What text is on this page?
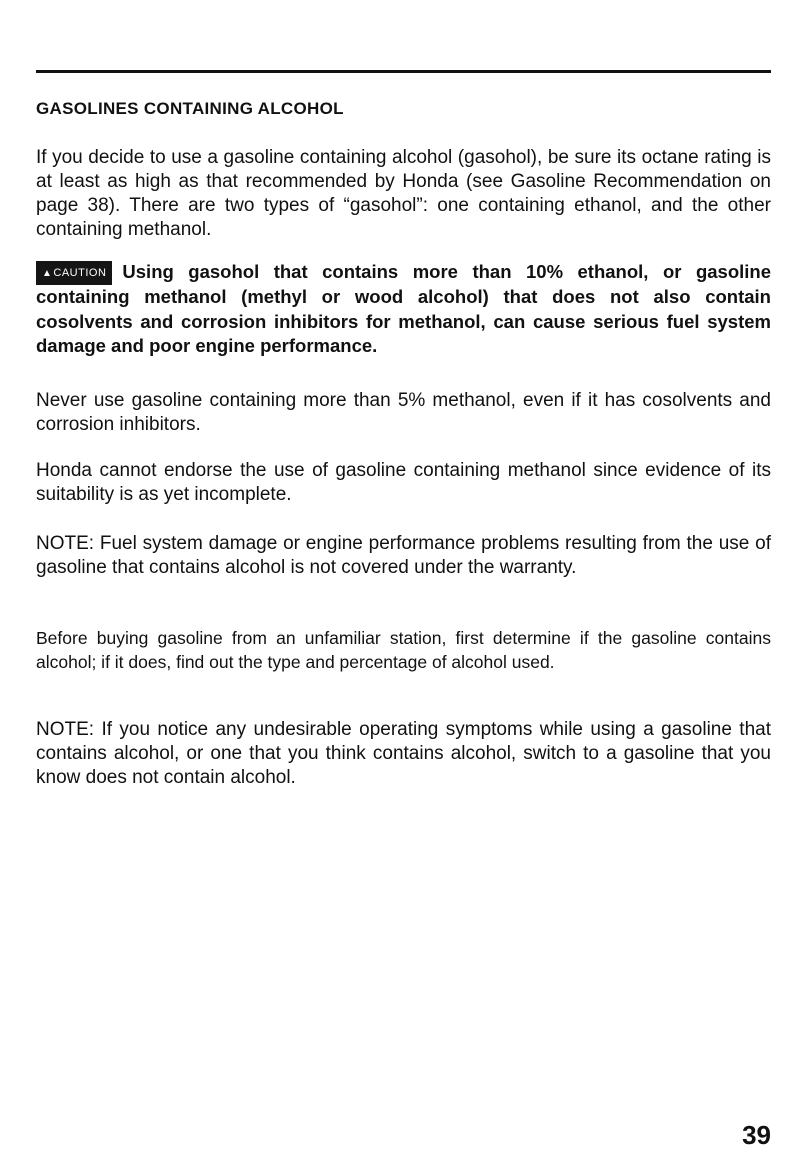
GASOLINES CONTAINING ALCOHOL

If you decide to use a gasoline containing alcohol (gasohol), be sure its octane rating is at least as high as that recommended by Honda (see Gasoline Recommendation on page 38). There are two types of “gasohol”: one containing ethanol, and the other containing methanol.

▲CAUTION Using gasohol that contains more than 10% ethanol, or gasoline containing methanol (methyl or wood alcohol) that does not also contain cosolvents and corrosion inhibitors for methanol, can cause serious fuel system damage and poor engine performance.

Never use gasoline containing more than 5% methanol, even if it has cosolvents and corrosion inhibitors.

Honda cannot endorse the use of gasoline containing methanol since evidence of its suitability is as yet incomplete.

NOTE: Fuel system damage or engine performance problems resulting from the use of gasoline that contains alcohol is not covered under the warranty.

Before buying gasoline from an unfamiliar station, first determine if the gasoline contains alcohol; if it does, find out the type and percentage of alcohol used.

NOTE: If you notice any undesirable operating symptoms while using a gasoline that contains alcohol, or one that you think contains alcohol, switch to a gasoline that you know does not contain alcohol.

39
